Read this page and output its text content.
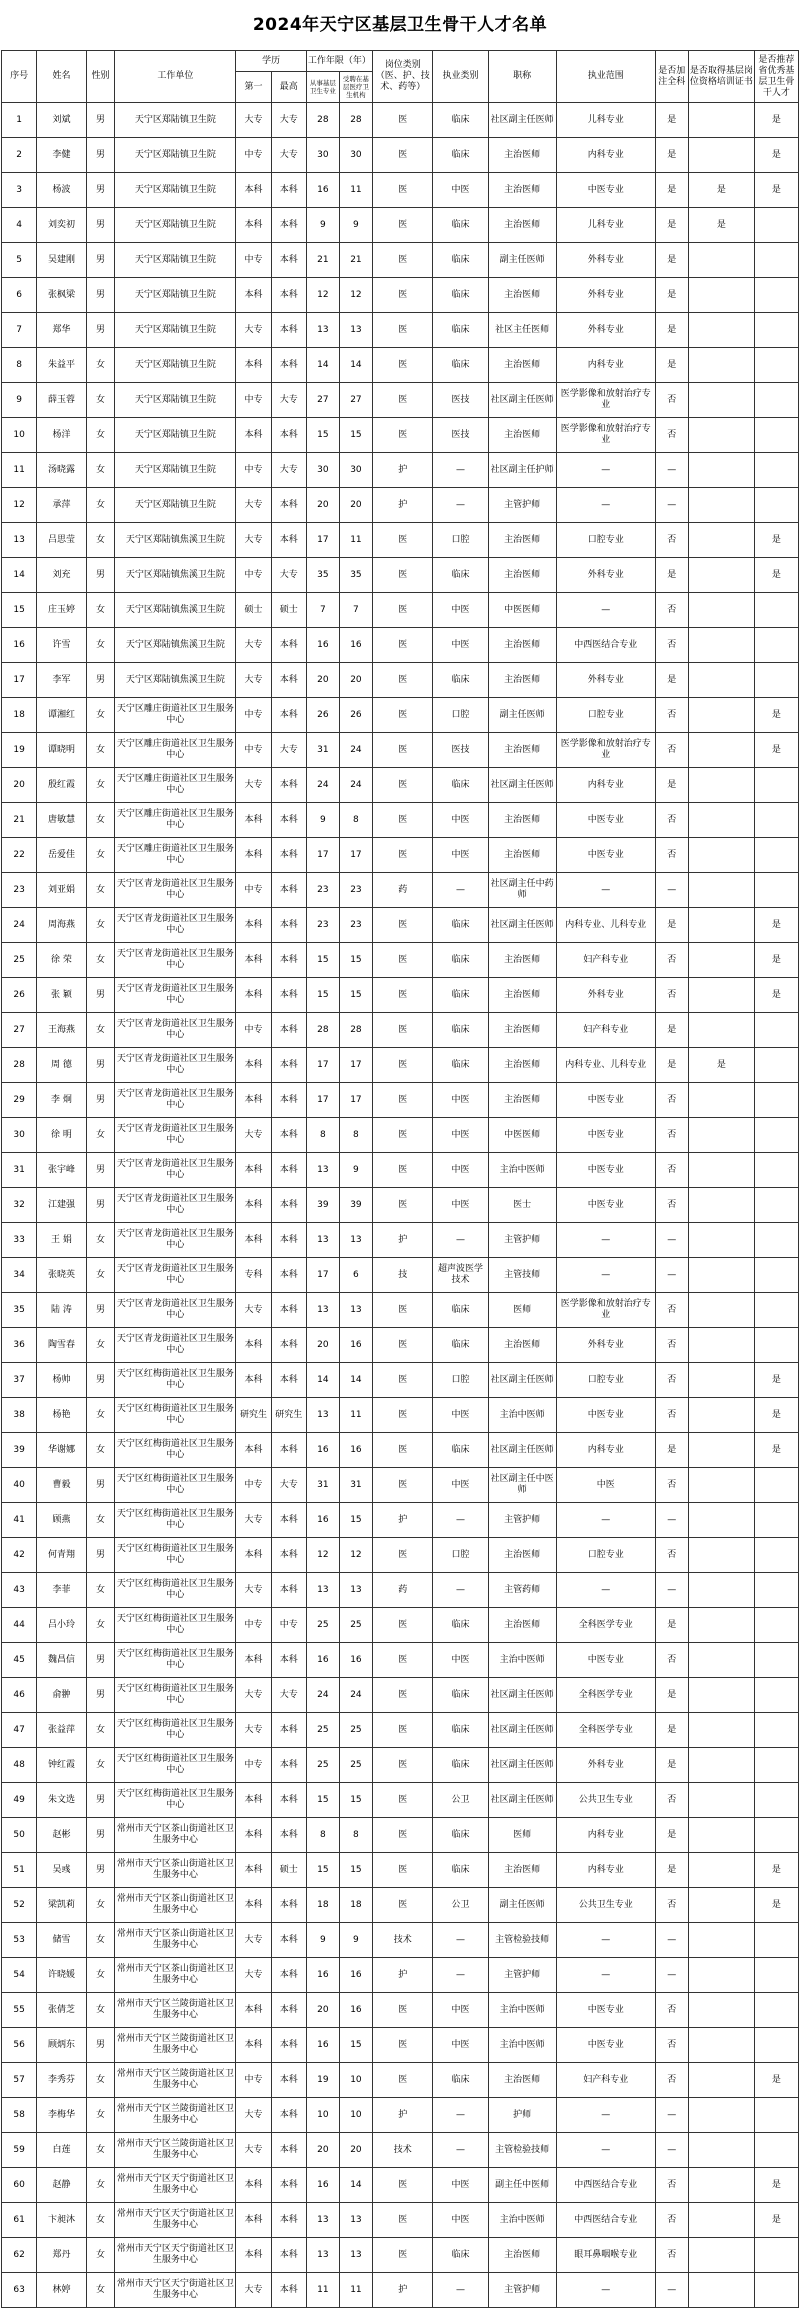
2024年天宁区基层卫生骨干人才名单
序号	姓名	性别	工作单位	学历		工作年限（年）		岗位类别（医、护、技术、药等）	执业类别	职称	执业范围	是否加注全科	是否取得基层岗位资格培训证书	是否推荐省优秀基层卫生骨干人才
				第一	最高	从事基层卫生专业	受聘在基层医疗卫生机构							
1	刘斌	男	天宁区郑陆镇卫生院	大专	大专	28	28	医	临床	社区副主任医师	儿科专业	是		是
2	李健	男	天宁区郑陆镇卫生院	中专	大专	30	30	医	临床	主治医师	内科专业	是		是
3	杨波	男	天宁区郑陆镇卫生院	本科	本科	16	11	医	中医	主治医师	中医专业	是	是	是
4	刘奕初	男	天宁区郑陆镇卫生院	本科	本科	9	9	医	临床	主治医师	儿科专业	是	是	
5	吴建刚	男	天宁区郑陆镇卫生院	中专	本科	21	21	医	临床	副主任医师	外科专业	是		
6	张枫梁	男	天宁区郑陆镇卫生院	本科	本科	12	12	医	临床	主治医师	外科专业	是		
7	郑华	男	天宁区郑陆镇卫生院	大专	本科	13	13	医	临床	社区主任医师	外科专业	是		
8	朱益平	女	天宁区郑陆镇卫生院	本科	本科	14	14	医	临床	主治医师	内科专业	是		
9	薛玉蓉	女	天宁区郑陆镇卫生院	中专	大专	27	27	医	医技	社区副主任医师	医学影像和放射治疗专业	否		
10	杨洋	女	天宁区郑陆镇卫生院	本科	本科	15	15	医	医技	主治医师	医学影像和放射治疗专业	否		
11	汤晓露	女	天宁区郑陆镇卫生院	中专	大专	30	30	护	—	社区副主任护师	—	—		
12	承萍	女	天宁区郑陆镇卫生院	大专	本科	20	20	护	—	主管护师	—	—		
13	吕思莹	女	天宁区郑陆镇焦溪卫生院	大专	本科	17	11	医	口腔	主治医师	口腔专业	否		是
14	刘充	男	天宁区郑陆镇焦溪卫生院	中专	大专	35	35	医	临床	主治医师	外科专业	是		是
15	庄玉婷	女	天宁区郑陆镇焦溪卫生院	硕士	硕士	7	7	医	中医	中医医师	—	否		
16	许雪	女	天宁区郑陆镇焦溪卫生院	大专	本科	16	16	医	中医	主治医师	中西医结合专业	否		
17	李军	男	天宁区郑陆镇焦溪卫生院	大专	本科	20	20	医	临床	主治医师	外科专业	是		
18	谭湘红	女	天宁区雕庄街道社区卫生服务中心	中专	本科	26	26	医	口腔	副主任医师	口腔专业	否		是
19	谭晓明	女	天宁区雕庄街道社区卫生服务中心	中专	大专	31	24	医	医技	主治医师	医学影像和放射治疗专业	否		是
20	殷红霞	女	天宁区雕庄街道社区卫生服务中心	大专	本科	24	24	医	临床	社区副主任医师	内科专业	是		
21	唐敏慧	女	天宁区雕庄街道社区卫生服务中心	本科	本科	9	8	医	中医	主治医师	中医专业	否		
22	岳爱佳	女	天宁区雕庄街道社区卫生服务中心	本科	本科	17	17	医	中医	主治医师	中医专业	否		
23	刘亚娟	女	天宁区青龙街道社区卫生服务中心	中专	本科	23	23	药	—	社区副主任中药师	—	—		
24	周海燕	女	天宁区青龙街道社区卫生服务中心	本科	本科	23	23	医	临床	社区副主任医师	内科专业、儿科专业	是		是
25	徐 荣	女	天宁区青龙街道社区卫生服务中心	本科	本科	15	15	医	临床	主治医师	妇产科专业	否		是
26	张 颖	男	天宁区青龙街道社区卫生服务中心	本科	本科	15	15	医	临床	主治医师	外科专业	否		是
27	王海燕	女	天宁区青龙街道社区卫生服务中心	中专	本科	28	28	医	临床	主治医师	妇产科专业	是		
28	周 德	男	天宁区青龙街道社区卫生服务中心	本科	本科	17	17	医	临床	主治医师	内科专业、儿科专业	是	是	
29	李 炯	男	天宁区青龙街道社区卫生服务中心	本科	本科	17	17	医	中医	主治医师	中医专业	否		
30	徐 明	女	天宁区青龙街道社区卫生服务中心	大专	本科	8	8	医	中医	中医医师	中医专业	否		
31	张宇峰	男	天宁区青龙街道社区卫生服务中心	本科	本科	13	9	医	中医	主治中医师	中医专业	否		
32	江建强	男	天宁区青龙街道社区卫生服务中心	本科	本科	39	39	医	中医	医士	中医专业	否		
33	王 娟	女	天宁区青龙街道社区卫生服务中心	本科	本科	13	13	护	—	主管护师	—	—		
34	张晓英	女	天宁区青龙街道社区卫生服务中心	专科	本科	17	6	技	超声波医学技术	主管技师	—	—		
35	陆 涛	男	天宁区青龙街道社区卫生服务中心	大专	本科	13	13	医	临床	医师	医学影像和放射治疗专业	否		
36	陶雪春	女	天宁区青龙街道社区卫生服务中心	本科	本科	20	16	医	临床	主治医师	外科专业	否		
37	杨帅	男	天宁区红梅街道社区卫生服务中心	本科	本科	14	14	医	口腔	社区副主任医师	口腔专业	否		是
38	杨艳	女	天宁区红梅街道社区卫生服务中心	研究生	研究生	13	11	医	中医	主治中医师	中医专业	否		是
39	华谢娜	女	天宁区红梅街道社区卫生服务中心	本科	本科	16	16	医	临床	社区副主任医师	内科专业	是		是
40	曹毅	男	天宁区红梅街道社区卫生服务中心	中专	大专	31	31	医	中医	社区副主任中医师	中医	否		
41	顾燕	女	天宁区红梅街道社区卫生服务中心	大专	本科	16	15	护	—	主管护师	—	—		
42	何青翔	男	天宁区红梅街道社区卫生服务中心	本科	本科	12	12	医	口腔	主治医师	口腔专业	否		
43	李菲	女	天宁区红梅街道社区卫生服务中心	大专	本科	13	13	药	—	主管药师	—	—		
44	吕小玲	女	天宁区红梅街道社区卫生服务中心	中专	中专	25	25	医	临床	主治医师	全科医学专业	是		
45	魏昌信	男	天宁区红梅街道社区卫生服务中心	本科	本科	16	16	医	中医	主治中医师	中医专业	否		
46	俞翀	男	天宁区红梅街道社区卫生服务中心	大专	大专	24	24	医	临床	社区副主任医师	全科医学专业	是		
47	张益萍	女	天宁区红梅街道社区卫生服务中心	大专	本科	25	25	医	临床	社区副主任医师	全科医学专业	是		
48	钟红霞	女	天宁区红梅街道社区卫生服务中心	中专	本科	25	25	医	临床	社区副主任医师	外科专业	是		
49	朱文选	男	天宁区红梅街道社区卫生服务中心	本科	本科	15	15	医	公卫	社区副主任医师	公共卫生专业	否		
50	赵彬	男	常州市天宁区茶山街道社区卫生服务中心	本科	本科	8	8	医	临床	医师	内科专业	是		
51	吴彧	男	常州市天宁区茶山街道社区卫生服务中心	本科	硕士	15	15	医	临床	主治医师	内科专业	是		是
52	梁凯莉	女	常州市天宁区茶山街道社区卫生服务中心	本科	本科	18	18	医	公卫	副主任医师	公共卫生专业	否		是
53	储雪	女	常州市天宁区茶山街道社区卫生服务中心	大专	本科	9	9	技术	—	主管检验技师	—	—		
54	许晓媛	女	常州市天宁区茶山街道社区卫生服务中心	大专	本科	16	16	护	—	主管护师	—	—		
55	张倩芝	女	常州市天宁区兰陵街道社区卫生服务中心	本科	本科	20	16	医	中医	主治中医师	中医专业	否		
56	顾炳东	男	常州市天宁区兰陵街道社区卫生服务中心	本科	本科	16	15	医	中医	主治中医师	中医专业	否		
57	李秀芬	女	常州市天宁区兰陵街道社区卫生服务中心	中专	本科	19	10	医	临床	主治医师	妇产科专业	否		是
58	李梅华	女	常州市天宁区兰陵街道社区卫生服务中心	大专	本科	10	10	护	—	护师	—	—		
59	白莲	女	常州市天宁区兰陵街道社区卫生服务中心	大专	本科	20	20	技术	—	主管检验技师	—	—		
60	赵静	女	常州市天宁区天宁街道社区卫生服务中心	本科	本科	16	14	医	中医	副主任中医师	中西医结合专业	否		是
61	卞昶沐	女	常州市天宁区天宁街道社区卫生服务中心	本科	本科	13	13	医	中医	主治中医师	中西医结合专业	否		是
62	郑丹	女	常州市天宁区天宁街道社区卫生服务中心	本科	本科	13	13	医	临床	主治医师	眼耳鼻咽喉专业	否		
63	林婷	女	常州市天宁区天宁街道社区卫生服务中心	大专	本科	11	11	护	—	主管护师	—	—		
